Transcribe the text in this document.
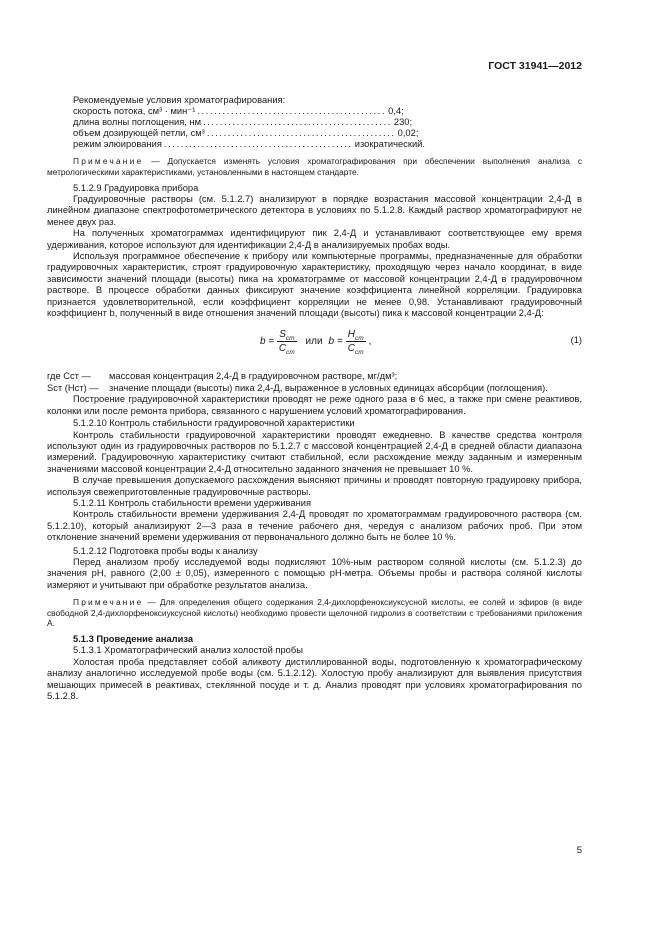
ГОСТ 31941—2012

Рекомендуемые условия хроматографирования:

скорость потока, см³ · мин⁻¹ ............................................. 0,4;
длина волны поглощения, нм ............................................. 230;
объем дозирующей петли, см³ ............................................. 0,02;
режим элюирования ............................................. изократический.

Примечание — Допускается изменять условия хроматографирования при обеспечении выполнения анализа с метрологическими характеристиками, установленными в настоящем стандарте.

5.1.2.9 Градуировка прибора

Градуировочные растворы (см. 5.1.2.7) анализируют в порядке возрастания массовой концентрации 2,4-Д в линейном диапазоне спектрофотометрического детектора в условиях по 5.1.2.8. Каждый раствор хроматографируют не менее двух раз.

На полученных хроматограммах идентифицируют пик 2,4-Д и устанавливают соответствующее ему время удерживания, которое используют для идентификации 2,4-Д в анализируемых пробах воды.

Используя программное обеспечение к прибору или компьютерные программы, предназначенные для обработки градуировочных характеристик, строят градуировочную характеристику, проходящую через начало координат, в виде зависимости значений площади (высоты) пика на хроматограмме от массовой концентрации 2,4-Д в градуировочном растворе. В процессе обработки данных фиксируют значение коэффициента линейной корреляции. Градуировка признается удовлетворительной, если коэффициент корреляции не менее 0,98. Устанавливают градуировочный коэффициент b, полученный в виде отношения значений площади (высоты) пика к массовой концентрации 2,4-Д:

$b = \frac{S_{ст}}{C_{ст}}$ или $b = \frac{H_{ст}}{C_{ст}}$ ,	(1)
где Cст —	массовая концентрация 2,4-Д в градуировочном растворе, мг/дм³;
Sст (Hст) —	значение площади (высоты) пика 2,4-Д, выраженное в условных единицах абсорбции (поглощения).

Построение градуировочной характеристики проводят не реже одного раза в 6 мес, а также при смене реактивов, колонки или после ремонта прибора, связанного с нарушением условий хроматографирования.

5.1.2.10 Контроль стабильности градуировочной характеристики

Контроль стабильности градуировочной характеристики проводят ежедневно. В качестве средства контроля используют один из градуировочных растворов по 5.1.2.7 с массовой концентрацией 2,4-Д в средней области диапазона измерений. Градуировочную характеристику считают стабильной, если расхождение между заданным и измеренным значениями массовой концентрации 2,4-Д относительно заданного значения не превышает 10 %.

В случае превышения допускаемого расхождения выясняют причины и проводят повторную градуировку прибора, используя свежеприготовленные градуировочные растворы.

5.1.2.11 Контроль стабильности времени удерживания

Контроль стабильности времени удерживания 2,4-Д проводят по хроматограммам градуировочного раствора (см. 5.1.2.10), который анализируют 2—3 раза в течение рабочего дня, чередуя с анализом рабочих проб. При этом отклонение значений времени удерживания от первоначального должно быть не более 10 %.

5.1.2.12 Подготовка пробы воды к анализу

Перед анализом пробу исследуемой воды подкисляют 10%-ным раствором соляной кислоты (см. 5.1.2.3) до значения pH, равного (2,00 ± 0,05), измеренного с помощью pH-метра. Объемы пробы и раствора соляной кислоты измеряют и учитывают при обработке результатов анализа.

Примечание — Для определения общего содержания 2,4-дихлорфеноксиуксусной кислоты, ее солей и эфиров (в виде свободной 2,4-дихлорфеноксиуксусной кислоты) необходимо провести щелочной гидролиз в соответствии с требованиями приложения А.

5.1.3 Проведение анализа

5.1.3.1 Хроматографический анализ холостой пробы

Холостая проба представляет собой аликвоту дистиллированной воды, подготовленную к хроматографическому анализу аналогично исследуемой пробе воды (см. 5.1.2.12). Холостую пробу анализируют для выявления присутствия мешающих примесей в реактивах, стеклянной посуде и т. д. Анализ проводят при условиях хроматографирования по 5.1.2.8.

5
